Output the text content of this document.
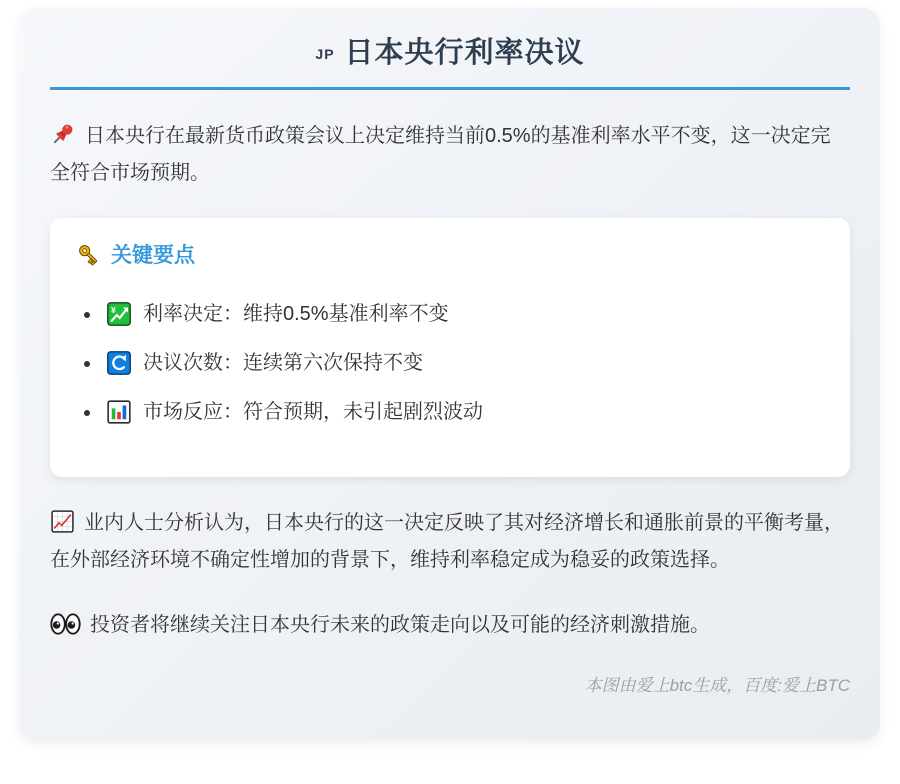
JP 日本央行利率决议

日本央行在最新货币政策会议上决定维持当前0.5%的基准利率水平不变，这一决定完全符合市场预期。

关键要点
• ¥ 利率决定：维持0.5%基准利率不变
• 决议次数：连续第六次保持不变
• 市场反应：符合预期，未引起剧烈波动

业内人士分析认为，日本央行的这一决定反映了其对经济增长和通胀前景的平衡考量，在外部经济环境不确定性增加的背景下，维持利率稳定成为稳妥的政策选择。

投资者将继续关注日本央行未来的政策走向以及可能的经济刺激措施。

本图由爱上btc生成，百度:爱上BTC
